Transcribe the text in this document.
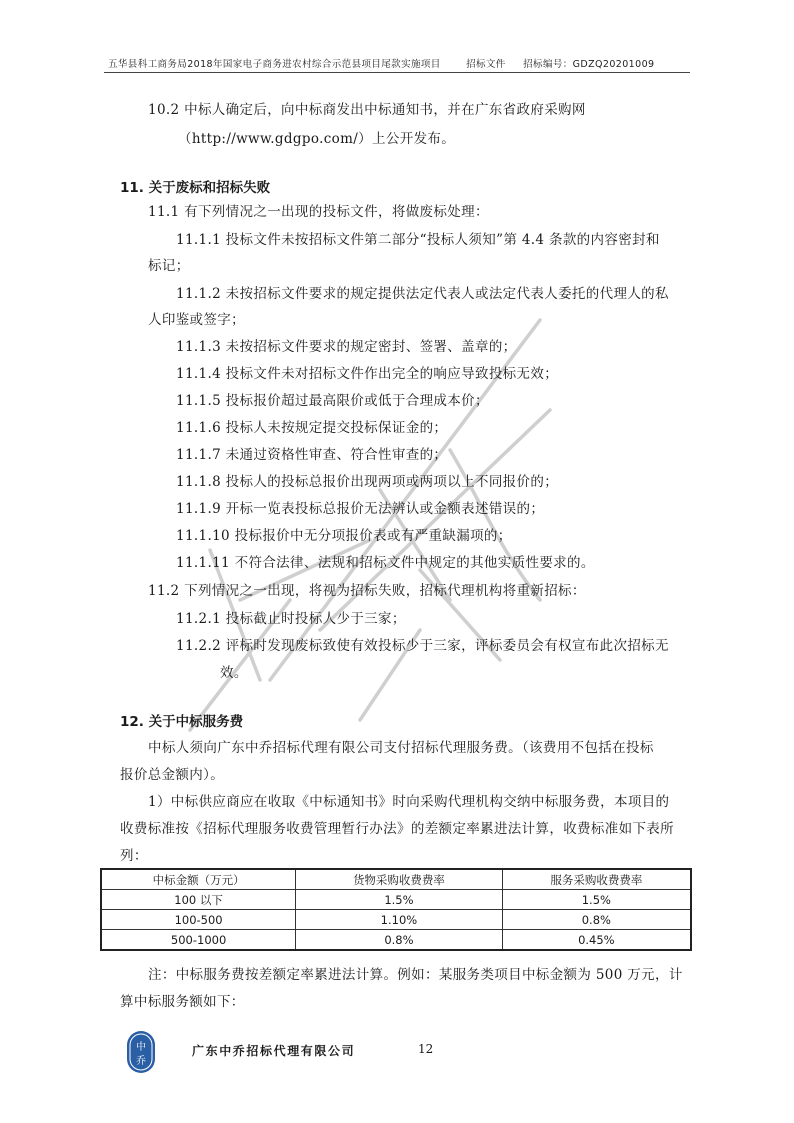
五华县科工商务局2018年国家电子商务进农村综合示范县项目尾款实施项目	招标文件 招标编号：GDZQ20201009
10.2 中标人确定后，向中标商发出中标通知书，并在广东省政府采购网
（http://www.gdgpo.com/）上公开发布。
11. 关于废标和招标失败
11.1 有下列情况之一出现的投标文件，将做废标处理：
11.1.1 投标文件未按招标文件第二部分“投标人须知”第 4.4 条款的内容密封和
标记；
11.1.2 未按招标文件要求的规定提供法定代表人或法定代表人委托的代理人的私
人印鉴或签字；
11.1.3 未按招标文件要求的规定密封、签署、盖章的；
11.1.4 投标文件未对招标文件作出完全的响应导致投标无效；
11.1.5 投标报价超过最高限价或低于合理成本价；
11.1.6 投标人未按规定提交投标保证金的；
11.1.7 未通过资格性审查、符合性审查的；
11.1.8 投标人的投标总报价出现两项或两项以上不同报价的；
11.1.9 开标一览表投标总报价无法辨认或金额表述错误的；
11.1.10 投标报价中无分项报价表或有严重缺漏项的；
11.1.11 不符合法律、法规和招标文件中规定的其他实质性要求的。
11.2 下列情况之一出现，将视为招标失败，招标代理机构将重新招标：
11.2.1 投标截止时投标人少于三家；
11.2.2 评标时发现废标致使有效投标少于三家，评标委员会有权宣布此次招标无
效。
12. 关于中标服务费
中标人须向广东中乔招标代理有限公司支付招标代理服务费。（该费用不包括在投标
报价总金额内）。
1）中标供应商应在收取《中标通知书》时向采购代理机构交纳中标服务费，本项目的
收费标准按《招标代理服务收费管理暂行办法》的差额定率累进法计算，收费标准如下表所
列：
中标金额（万元）	货物采购收费费率	服务采购收费费率
100 以下	1.5%	1.5%
100-500	1.10%	0.8%
500-1000	0.8%	0.45%
注：中标服务费按差额定率累进法计算。例如：某服务类项目中标金额为 500 万元，计
算中标服务额如下：
中
乔
广东中乔招标代理有限公司	12
